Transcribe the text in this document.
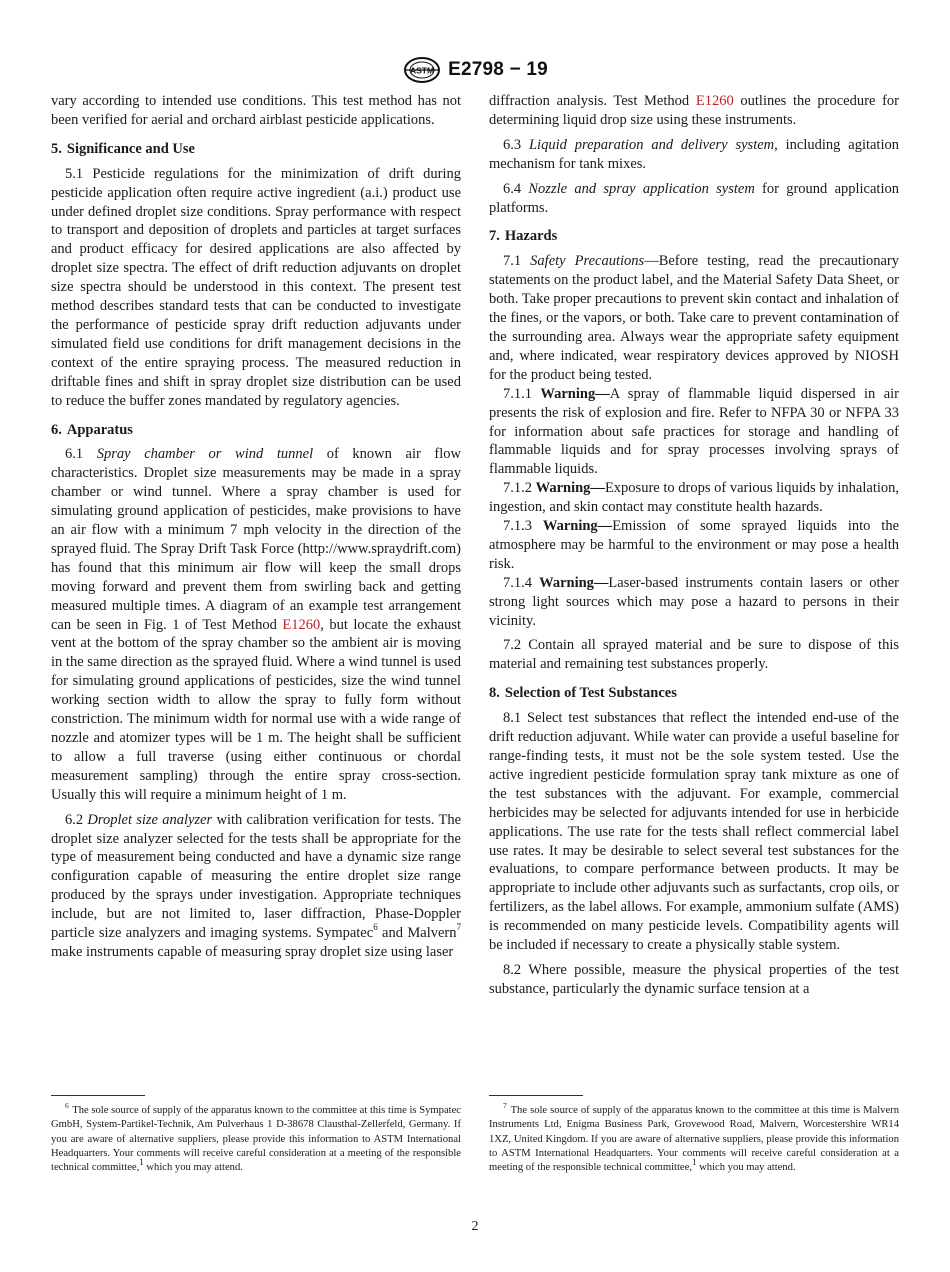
ASTM E2798 − 19

vary according to intended use conditions. This test method has not been verified for aerial and orchard airblast pesticide applications.

5. Significance and Use

5.1 Pesticide regulations for the minimization of drift during pesticide application often require active ingredient (a.i.) product use under defined droplet size conditions. Spray performance with respect to transport and deposition of droplets and particles at target surfaces and product efficacy for desired applications are also affected by droplet size spectra. The effect of drift reduction adjuvants on droplet size spectra should be understood in this context. The present test method describes standard tests that can be conducted to investigate the performance of pesticide spray drift reduction adjuvants under simulated field use conditions for drift management decisions in the context of the entire spraying process. The measured reduction in driftable fines and shift in spray droplet size distribution can be used to reduce the buffer zones mandated by regulatory agencies.

6. Apparatus

6.1 Spray chamber or wind tunnel of known air flow characteristics. Droplet size measurements may be made in a spray chamber or wind tunnel. Where a spray chamber is used for simulating ground application of pesticides, make provisions to have an air flow with a minimum 7 mph velocity in the direction of the sprayed fluid. The Spray Drift Task Force (http://www.spraydrift.com) has found that this minimum air flow will keep the small drops moving forward and prevent them from swirling back and getting measured multiple times. A diagram of an example test arrangement can be seen in Fig. 1 of Test Method E1260, but locate the exhaust vent at the bottom of the spray chamber so the ambient air is moving in the same direction as the sprayed fluid. Where a wind tunnel is used for simulating ground applications of pesticides, size the wind tunnel working section width to allow the spray to fully form without constriction. The minimum width for normal use with a wide range of nozzle and atomizer types will be 1 m. The height shall be sufficient to allow a full traverse (using either continuous or chordal measurement sampling) through the entire spray cross-section. Usually this will require a minimum height of 1 m.

6.2 Droplet size analyzer with calibration verification for tests. The droplet size analyzer selected for the tests shall be appropriate for the type of measurement being conducted and have a dynamic size range configuration capable of measuring the entire droplet size range produced by the sprays under investigation. Appropriate techniques include, but are not limited to, laser diffraction, Phase-Doppler particle size analyzers and imaging systems. Sympatec$^6$ and Malvern$^7$ make instruments capable of measuring spray droplet size using laser

diffraction analysis. Test Method E1260 outlines the procedure for determining liquid drop size using these instruments.

6.3 Liquid preparation and delivery system, including agitation mechanism for tank mixes.

6.4 Nozzle and spray application system for ground application platforms.

7. Hazards

7.1 Safety Precautions—Before testing, read the precautionary statements on the product label, and the Material Safety Data Sheet, or both. Take proper precautions to prevent skin contact and inhalation of the fines, or the vapors, or both. Take care to prevent contamination of the surrounding area. Always wear the appropriate safety equipment and, where indicated, wear respiratory devices approved by NIOSH for the product being tested.

7.1.1 Warning—A spray of flammable liquid dispersed in air presents the risk of explosion and fire. Refer to NFPA 30 or NFPA 33 for information about safe practices for storage and handling of flammable liquids and for spray processes involving sprays of flammable liquids.

7.1.2 Warning—Exposure to drops of various liquids by inhalation, ingestion, and skin contact may constitute health hazards.

7.1.3 Warning—Emission of some sprayed liquids into the atmosphere may be harmful to the environment or may pose a health risk.

7.1.4 Warning—Laser-based instruments contain lasers or other strong light sources which may pose a hazard to persons in their vicinity.

7.2 Contain all sprayed material and be sure to dispose of this material and remaining test substances properly.

8. Selection of Test Substances

8.1 Select test substances that reflect the intended end-use of the drift reduction adjuvant. While water can provide a useful baseline for range-finding tests, it must not be the sole system tested. Use the active ingredient pesticide formulation spray tank mixture as one of the test substances with the adjuvant. For example, commercial herbicides may be selected for adjuvants intended for use in herbicide applications. The use rate for the tests shall reflect commercial label use rates. It may be desirable to select several test substances for the evaluations, to compare performance between products. It may be appropriate to include other adjuvants such as surfactants, crop oils, or fertilizers, as the label allows. For example, ammonium sulfate (AMS) is recommended on many pesticide levels. Compatibility agents will be included if necessary to create a physically stable system.

8.2 Where possible, measure the physical properties of the test substance, particularly the dynamic surface tension at a

$^6$ The sole source of supply of the apparatus known to the committee at this time is Sympatec GmbH, System-Partikel-Technik, Am Pulverhaus 1 D-38678 Clausthal-Zellerfeld, Germany. If you are aware of alternative suppliers, please provide this information to ASTM International Headquarters. Your comments will receive careful consideration at a meeting of the responsible technical committee,$^1$ which you may attend.
$^7$ The sole source of supply of the apparatus known to the committee at this time is Malvern Instruments Ltd, Enigma Business Park, Grovewood Road, Malvern, Worcestershire WR14 1XZ, United Kingdom. If you are aware of alternative suppliers, please provide this information to ASTM International Headquarters. Your comments will receive careful consideration at a meeting of the responsible technical committee,$^1$ which you may attend.
2
